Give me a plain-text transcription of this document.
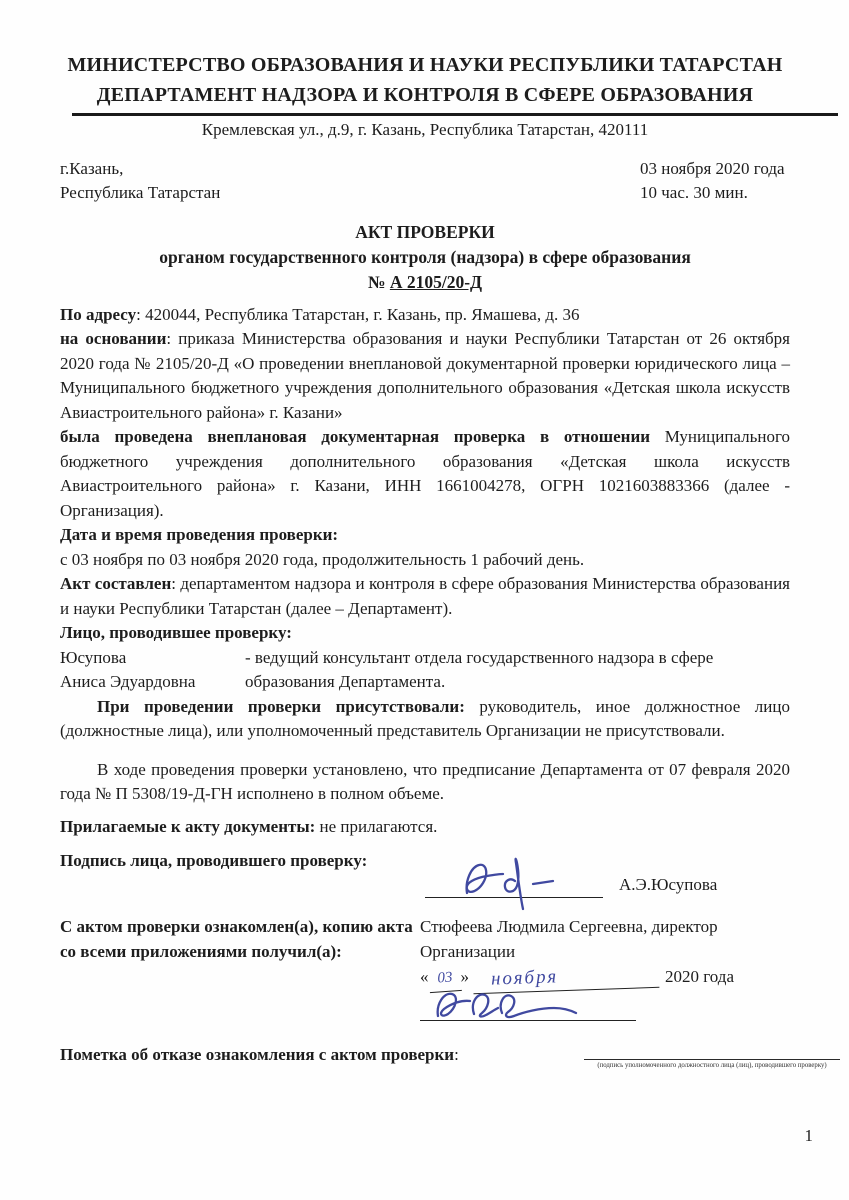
МИНИСТЕРСТВО ОБРАЗОВАНИЯ И НАУКИ РЕСПУБЛИКИ ТАТАРСТАН
ДЕПАРТАМЕНТ НАДЗОРА И КОНТРОЛЯ В СФЕРЕ ОБРАЗОВАНИЯ
Кремлевская ул., д.9, г. Казань, Республика Татарстан, 420111
г.Казань,
Республика Татарстан
03 ноября 2020 года
10 час. 30 мин.
АКТ ПРОВЕРКИ
органом государственного контроля (надзора) в сфере образования
№ А 2105/20-Д

По адресу: 420044, Республика Татарстан, г. Казань, пр. Ямашева, д. 36

на основании: приказа Министерства образования и науки Республики Татарстан от 26 октября 2020 года № 2105/20-Д «О проведении внеплановой документарной проверки юридического лица – Муниципального бюджетного учреждения дополнительного образования «Детская школа искусств Авиастроительного района» г. Казани»

была проведена внеплановая документарная проверка в отношении Муниципального бюджетного учреждения дополнительного образования «Детская школа искусств Авиастроительного района» г. Казани, ИНН 1661004278, ОГРН 1021603883366 (далее - Организация).

Дата и время проведения проверки:

с 03 ноября по 03 ноября 2020 года, продолжительность 1 рабочий день.

Акт составлен: департаментом надзора и контроля в сфере образования Министерства образования и науки Республики Татарстан (далее – Департамент).

Лицо, проводившее проверку:

Юсупова
Аниса Эдуардовна
- ведущий консультант отдела государственного надзора в сфере образования Департамента.

При проведении проверки присутствовали: руководитель, иное должностное лицо (должностные лица), или уполномоченный представитель Организации не присутствовали.

В ходе проведения проверки установлено, что предписание Департамента от 07 февраля 2020 года № П 5308/19-Д-ГН исполнено в полном объеме.

Прилагаемые к акту документы: не прилагаются.

Подпись лица, проводившего проверку:
А.Э.Юсупова
С актом проверки ознакомлен(а), копию акта
со всеми приложениями получил(а):
Стюфеева Людмила Сергеевна, директор Организации
« 03 » ноября	2020 года
Пометка об отказе ознакомления с актом проверки:
(подпись уполномоченного должностного лица (лиц), проводившего проверку)
1
